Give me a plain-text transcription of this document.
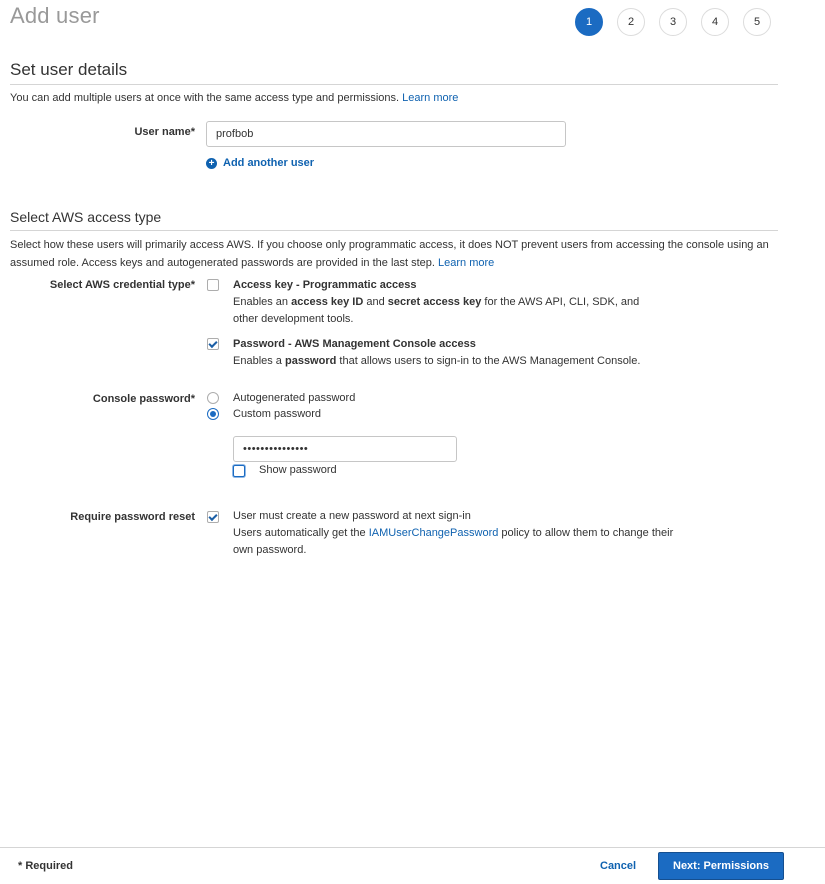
Add user	1	2	3	4	5
Set user details
You can add multiple users at once with the same access type and permissions. Learn more
User name*
profbob
+ Add another user
Select AWS access type
Select how these users will primarily access AWS. If you choose only programmatic access, it does NOT prevent users from accessing the console using an
assumed role. Access keys and autogenerated passwords are provided in the last step. Learn more
Select AWS credential type*	Access key - Programmatic access
Enables an access key ID and secret access key for the AWS API, CLI, SDK, and
other development tools.
Password - AWS Management Console access
Enables a password that allows users to sign-in to the AWS Management Console.
Console password*	Autogenerated password
Custom password
•••••••••••••••
Show password
Require password reset	User must create a new password at next sign-in
Users automatically get the IAMUserChangePassword policy to allow them to change their
own password.
* Required	Cancel	Next: Permissions
